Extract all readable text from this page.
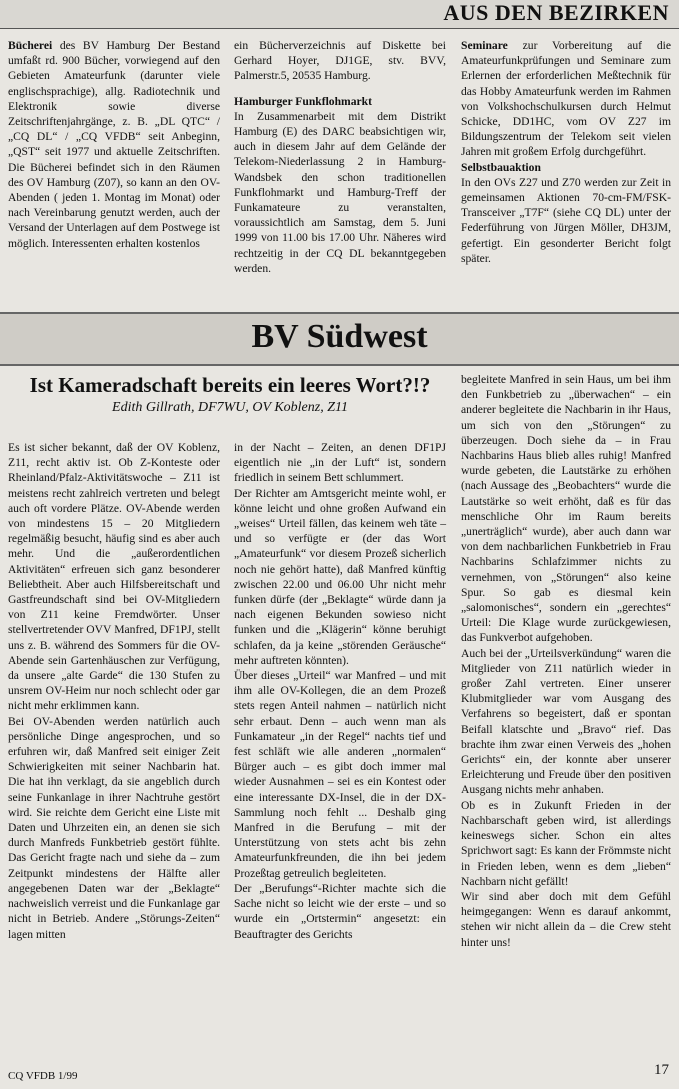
AUS DEN BEZIRKEN

Bücherei des BV Hamburg Der Bestand umfaßt rd. 900 Bücher, vorwiegend auf den Gebieten Amateurfunk (darunter viele englischsprachige), allg. Radiotechnik und Elektronik sowie diverse Zeitschriftenjahrgänge, z. B. „DL QTC“ / „CQ DL“ / „CQ VFDB“ seit Anbeginn, „QST“ seit 1977 und aktuelle Zeitschriften. Die Bücherei befindet sich in den Räumen des OV Hamburg (Z07), so kann an den OV-Abenden ( jeden 1. Montag im Monat) oder nach Vereinbarung genutzt werden, auch der Versand der Unterlagen auf dem Postwege ist möglich. Interessenten erhalten kostenlos

ein Bücherverzeichnis auf Diskette bei Gerhard Hoyer, DJ1GE, stv. BVV, Palmerstr.5, 20535 Hamburg.

Hamburger Funkflohmarkt

In Zusammenarbeit mit dem Distrikt Hamburg (E) des DARC beabsichtigen wir, auch in diesem Jahr auf dem Gelände der Telekom-Niederlassung 2 in Hamburg-Wandsbek den schon traditionellen Funkflohmarkt und Hamburg-Treff der Funkamateure zu veranstalten, voraussichtlich am Samstag, dem 5. Juni 1999 von 11.00 bis 17.00 Uhr. Näheres wird rechtzeitig in der CQ DL bekanntgegeben werden.

Seminare zur Vorbereitung auf die Amateurfunkprüfungen und Seminare zum Erlernen der erforderlichen Meßtechnik für das Hobby Amateurfunk werden im Rahmen von Volkshochschulkursen durch Helmut Schicke, DD1HC, vom OV Z27 im Bildungszentrum der Telekom seit vielen Jahren mit großem Erfolg durchgeführt.

Selbstbauaktion

In den OVs Z27 und Z70 werden zur Zeit in gemeinsamen Aktionen 70-cm-FM/FSK-Transceiver „T7F“ (siehe CQ DL) unter der Federführung von Jürgen Möller, DH3JM, gefertigt. Ein gesonderter Bericht folgt später.

BV Südwest
Ist Kameradschaft bereits ein leeres Wort?!?
Edith Gillrath, DF7WU, OV Koblenz, Z11

Es ist sicher bekannt, daß der OV Koblenz, Z11, recht aktiv ist. Ob Z-Konteste oder Rheinland/Pfalz-Aktivitätswoche – Z11 ist meistens recht zahlreich vertreten und belegt auch oft vordere Plätze. OV-Abende werden von mindestens 15 – 20 Mitgliedern regelmäßig besucht, häufig sind es aber auch mehr. Und die „außerordentlichen Aktivitäten“ erfreuen sich ganz besonderer Beliebtheit. Aber auch Hilfsbereitschaft und Gastfreundschaft sind bei OV-Mitgliedern von Z11 keine Fremdwörter. Unser stellvertretender OVV Manfred, DF1PJ, stellt uns z. B. während des Sommers für die OV-Abende sein Gartenhäuschen zur Verfügung, da unsere „alte Garde“ die 130 Stufen zu unsrem OV-Heim nur noch schlecht oder gar nicht mehr erklimmen kann.

Bei OV-Abenden werden natürlich auch persönliche Dinge angesprochen, und so erfuhren wir, daß Manfred seit einiger Zeit Schwierigkeiten mit seiner Nachbarin hat. Die hat ihn verklagt, da sie angeblich durch seine Funkanlage in ihrer Nachtruhe gestört wird. Sie reichte dem Gericht eine Liste mit Daten und Uhrzeiten ein, an denen sie sich durch Manfreds Funkbetrieb gestört fühlte. Das Gericht fragte nach und siehe da – zum Zeitpunkt mindestens der Hälfte aller angegebenen Daten war der „Beklagte“ nachweislich verreist und die Funkanlage gar nicht in Betrieb. Andere „Störungs-Zeiten“ lagen mitten

in der Nacht – Zeiten, an denen DF1PJ eigentlich nie „in der Luft“ ist, sondern friedlich in seinem Bett schlummert.

Der Richter am Amtsgericht meinte wohl, er könne leicht und ohne großen Aufwand ein „weises“ Urteil fällen, das keinem weh täte – und so verfügte er (der das Wort „Amateurfunk“ vor diesem Prozeß sicherlich noch nie gehört hatte), daß Manfred künftig zwischen 22.00 und 06.00 Uhr nicht mehr funken dürfe (der „Beklagte“ würde dann ja nach eigenen Bekunden sowieso nicht funken und die „Klägerin“ könne beruhigt schlafen, da ja keine „störenden Geräusche“ mehr auftreten könnten).

Über dieses „Urteil“ war Manfred – und mit ihm alle OV-Kollegen, die an dem Prozeß stets regen Anteil nahmen – natürlich nicht sehr erbaut. Denn – auch wenn man als Funkamateur „in der Regel“ nachts tief und fest schläft wie alle anderen „normalen“ Bürger auch – es gibt doch immer mal wieder Ausnahmen – sei es ein Kontest oder eine interessante DX-Insel, die in der DX-Sammlung noch fehlt ... Deshalb ging Manfred in die Berufung – mit der Unterstützung von stets acht bis zehn Amateurfunkfreunden, die ihn bei jedem Prozeßtag getreulich begleiteten.

Der „Berufungs“-Richter machte sich die Sache nicht so leicht wie der erste – und so wurde ein „Ortstermin“ angesetzt: ein Beauftragter des Gerichts

begleitete Manfred in sein Haus, um bei ihm den Funkbetrieb zu „überwachen“ – ein anderer begleitete die Nachbarin in ihr Haus, um sich von den „Störungen“ zu überzeugen. Doch siehe da – in Frau Nachbarins Haus blieb alles ruhig! Manfred wurde gebeten, die Lautstärke zu erhöhen (nach Aussage des „Beobachters“ wurde die Lautstärke so weit erhöht, daß es für das menschliche Ohr im Raum bereits „unerträglich“ wurde), aber auch dann war von dem nachbarlichen Funkbetrieb in Frau Nachbarins Schlafzimmer nichts zu vernehmen, von „Störungen“ also keine Spur. So gab es diesmal kein „salomonisches“, sondern ein „gerechtes“ Urteil: Die Klage wurde zurückgewiesen, das Funkverbot aufgehoben.

Auch bei der „Urteilsverkündung“ waren die Mitglieder von Z11 natürlich wieder in großer Zahl vertreten. Einer unserer Klubmitglieder war vom Ausgang des Verfahrens so begeistert, daß er spontan Beifall klatschte und „Bravo“ rief. Das brachte ihm zwar einen Verweis des „hohen Gerichts“ ein, der konnte aber unserer Erleichterung und Freude über den positiven Ausgang nichts mehr anhaben.

Ob es in Zukunft Frieden in der Nachbarschaft geben wird, ist allerdings keineswegs sicher. Schon ein altes Sprichwort sagt: Es kann der Frömmste nicht in Frieden leben, wenn es dem „lieben“ Nachbarn nicht gefällt!

Wir sind aber doch mit dem Gefühl heimgegangen: Wenn es darauf ankommt, stehen wir nicht allein da – die Crew steht hinter uns!

CQ VFDB 1/99	17
